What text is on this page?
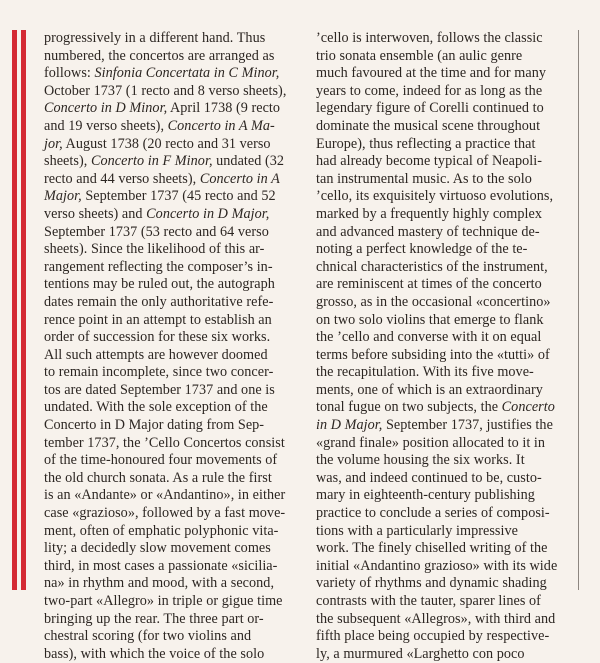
progressively in a different hand. Thus
numbered, the concertos are arranged as
follows: Sinfonia Concertata in C Minor,
October 1737 (1 recto and 8 verso sheets),
Concerto in D Minor, April 1738 (9 recto
and 19 verso sheets), Concerto in A Ma-
jor, August 1738 (20 recto and 31 verso
sheets), Concerto in F Minor, undated (32
recto and 44 verso sheets), Concerto in A
Major, September 1737 (45 recto and 52
verso sheets) and Concerto in D Major,
September 1737 (53 recto and 64 verso
sheets). Since the likelihood of this ar-
rangement reflecting the composer’s in-
tentions may be ruled out, the autograph
dates remain the only authoritative refe-
rence point in an attempt to establish an
order of succession for these six works.
All such attempts are however doomed
to remain incomplete, since two concer-
tos are dated September 1737 and one is
undated. With the sole exception of the
Concerto in D Major dating from Sep-
tember 1737, the ’Cello Concertos consist
of the time-honoured four movements of
the old church sonata. As a rule the first
is an «Andante» or «Andantino», in either
case «grazioso», followed by a fast move-
ment, often of emphatic polyphonic vita-
lity; a decidedly slow movement comes
third, in most cases a passionate «sicilia-
na» in rhythm and mood, with a second,
two-part «Allegro» in triple or gigue time
bringing up the rear. The three part or-
chestral scoring (for two violins and
bass), with which the voice of the solo
’cello is interwoven, follows the classic
trio sonata ensemble (an aulic genre
much favoured at the time and for many
years to come, indeed for as long as the
legendary figure of Corelli continued to
dominate the musical scene throughout
Europe), thus reflecting a practice that
had already become typical of Neapoli-
tan instrumental music. As to the solo
’cello, its exquisitely virtuoso evolutions,
marked by a frequently highly complex
and advanced mastery of technique de-
noting a perfect knowledge of the te-
chnical characteristics of the instrument,
are reminiscent at times of the concerto
grosso, as in the occasional «concertino»
on two solo violins that emerge to flank
the ’cello and converse with it on equal
terms before subsiding into the «tutti» of
the recapitulation. With its five move-
ments, one of which is an extraordinary
tonal fugue on two subjects, the Concerto
in D Major, September 1737, justifies the
«grand finale» position allocated to it in
the volume housing the six works. It
was, and indeed continued to be, custo-
mary in eighteenth-century publishing
practice to conclude a series of composi-
tions with a particularly impressive
work. The finely chiselled writing of the
initial «Andantino grazioso» with its wide
variety of rhythms and dynamic shading
contrasts with the tauter, sparer lines of
the subsequent «Allegros», with third and
fifth place being occupied by respective-
ly, a murmured «Larghetto con poco
